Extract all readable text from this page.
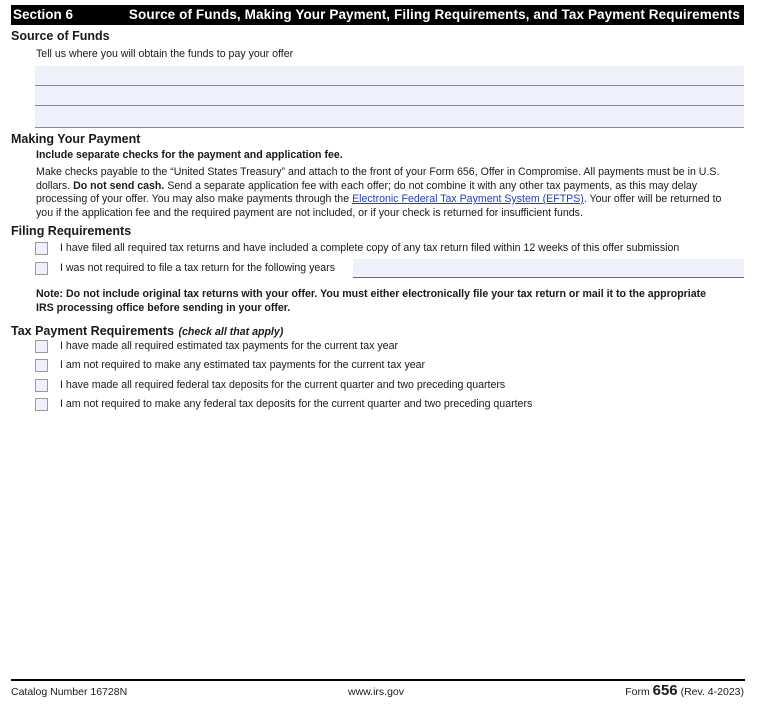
Section 6	Source of Funds, Making Your Payment, Filing Requirements, and Tax Payment Requirements
Source of Funds
Tell us where you will obtain the funds to pay your offer
Making Your Payment
Include separate checks for the payment and application fee.
Make checks payable to the “United States Treasury” and attach to the front of your Form 656, Offer in Compromise. All payments must be in U.S.
dollars. Do not send cash. Send a separate application fee with each offer; do not combine it with any other tax payments, as this may delay
processing of your offer. You may also make payments through the Electronic Federal Tax Payment System (EFTPS). Your offer will be returned to
you if the application fee and the required payment are not included, or if your check is returned for insufficient funds.
Filing Requirements
I have filed all required tax returns and have included a complete copy of any tax return filed within 12 weeks of this offer submission
I was not required to file a tax return for the following years
Note: Do not include original tax returns with your offer. You must either electronically file your tax return or mail it to the appropriate
IRS processing office before sending in your offer.
Tax Payment Requirements (check all that apply)
I have made all required estimated tax payments for the current tax year
I am not required to make any estimated tax payments for the current tax year
I have made all required federal tax deposits for the current quarter and two preceding quarters
I am not required to make any federal tax deposits for the current quarter and two preceding quarters
Catalog Number 16728N	www.irs.gov	Form 656 (Rev. 4-2023)
